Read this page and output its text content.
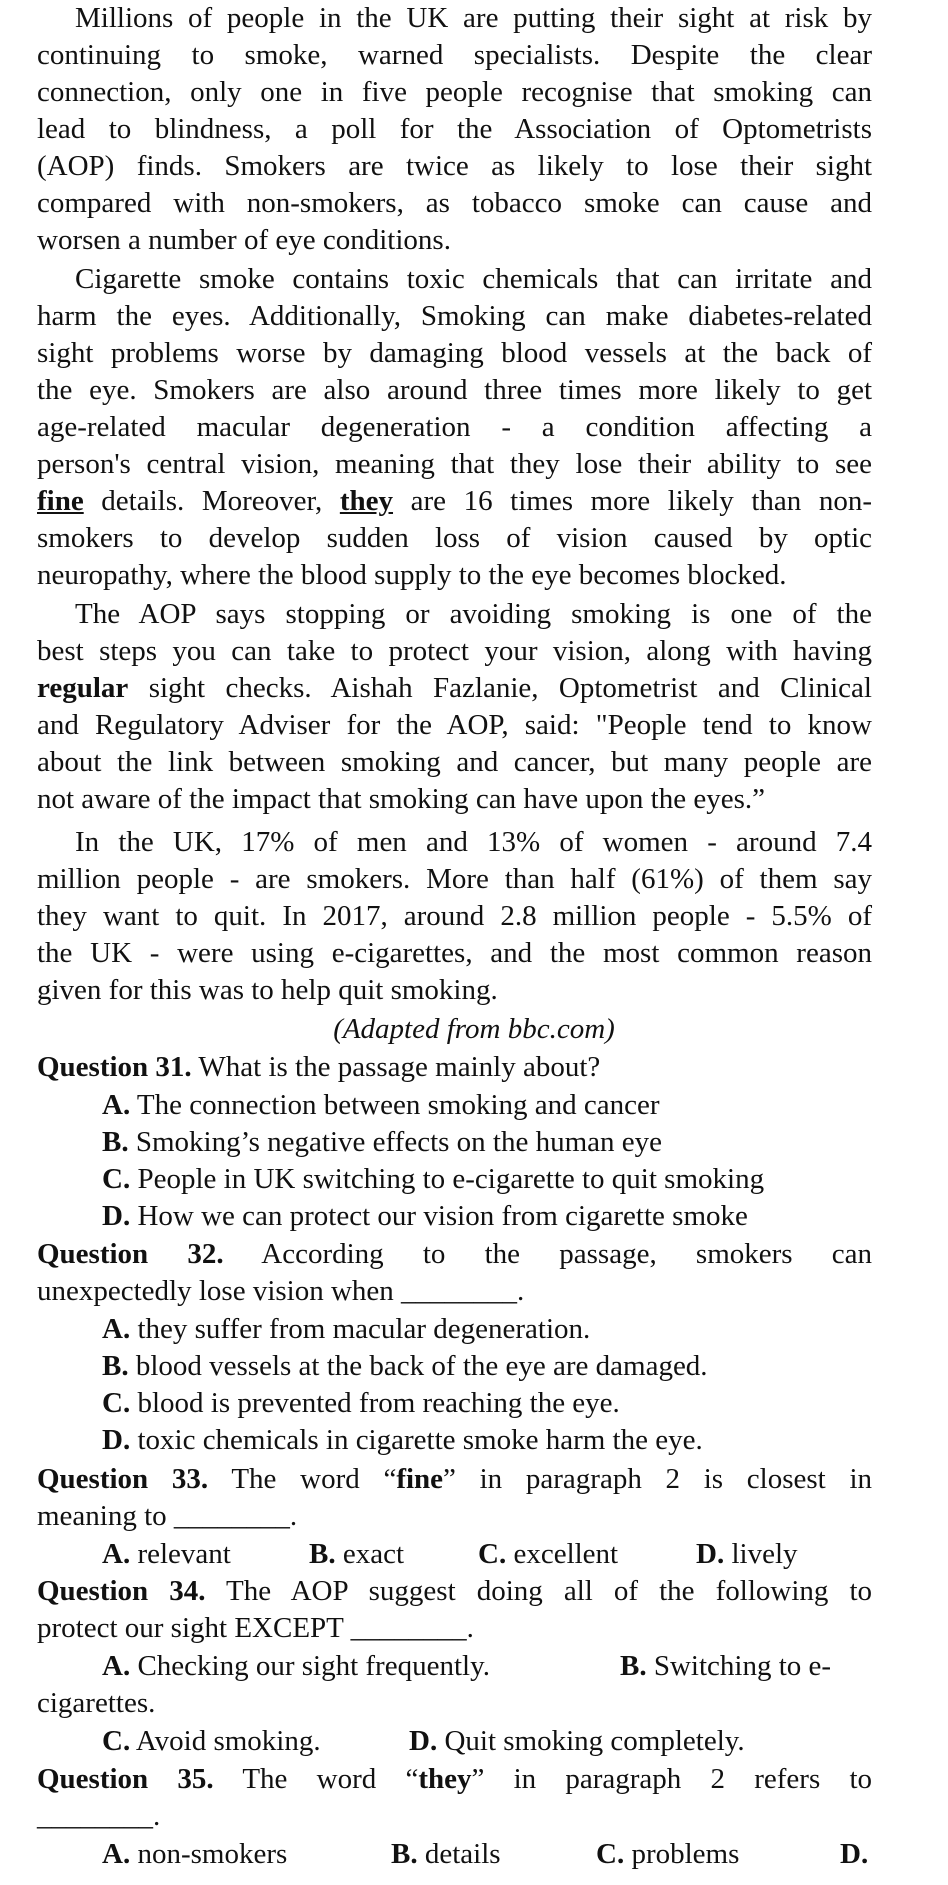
Millions of people in the UK are putting their sight at risk by
continuing to smoke, warned specialists. Despite the clear
connection, only one in five people recognise that smoking can
lead to blindness, a poll for the Association of Optometrists
(AOP) finds. Smokers are twice as likely to lose their sight
compared with non-smokers, as tobacco smoke can cause and
worsen a number of eye conditions.
Cigarette smoke contains toxic chemicals that can irritate and
harm the eyes. Additionally, Smoking can make diabetes-related
sight problems worse by damaging blood vessels at the back of
the eye. Smokers are also around three times more likely to get
age-related macular degeneration - a condition affecting a
person's central vision, meaning that they lose their ability to see
fine details. Moreover, they are 16 times more likely than non-
smokers to develop sudden loss of vision caused by optic
neuropathy, where the blood supply to the eye becomes blocked.
The AOP says stopping or avoiding smoking is one of the
best steps you can take to protect your vision, along with having
regular sight checks. Aishah Fazlanie, Optometrist and Clinical
and Regulatory Adviser for the AOP, said: "People tend to know
about the link between smoking and cancer, but many people are
not aware of the impact that smoking can have upon the eyes.”
In the UK, 17% of men and 13% of women - around 7.4
million people - are smokers. More than half (61%) of them say
they want to quit. In 2017, around 2.8 million people - 5.5% of
the UK - were using e-cigarettes, and the most common reason
given for this was to help quit smoking.
(Adapted from bbc.com)
Question 31. What is the passage mainly about?
A. The connection between smoking and cancer
B. Smoking’s negative effects on the human eye
C. People in UK switching to e-cigarette to quit smoking
D. How we can protect our vision from cigarette smoke
Question 32. According to the passage, smokers can
unexpectedly lose vision when ________.
A. they suffer from macular degeneration.
B. blood vessels at the back of the eye are damaged.
C. blood is prevented from reaching the eye.
D. toxic chemicals in cigarette smoke harm the eye.
Question 33. The word “fine” in paragraph 2 is closest in
meaning to ________.
A. relevant	B. exact	C. excellent	D. lively
Question 34. The AOP suggest doing all of the following to
protect our sight EXCEPT ________.
A. Checking our sight frequently.	B. Switching to e-
cigarettes.
C. Avoid smoking.	D. Quit smoking completely.
Question 35. The word “they” in paragraph 2 refers to
________.
A. non-smokers	B. details	C. problems	D.
